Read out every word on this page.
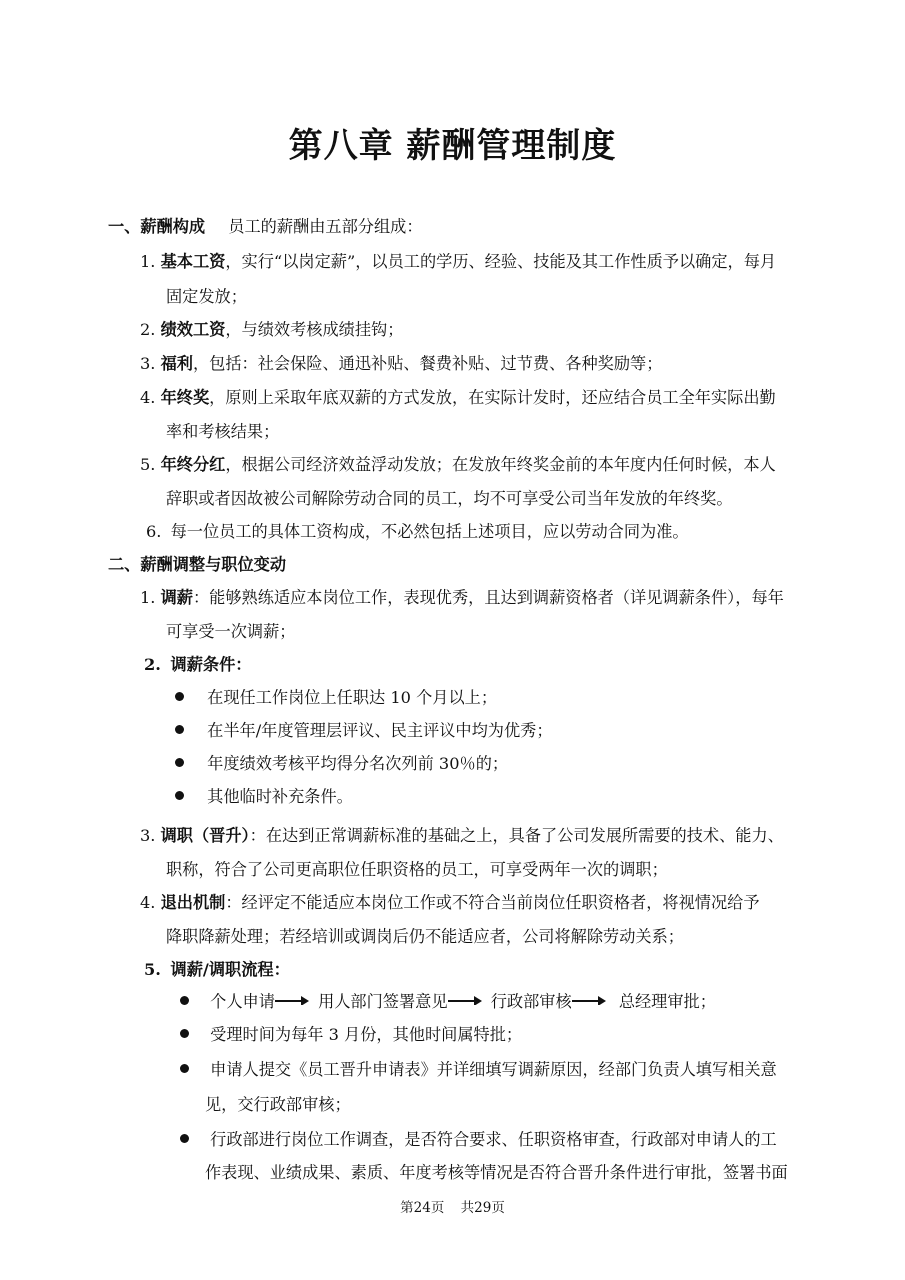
第八章 薪酬管理制度
一、薪酬构成 员工的薪酬由五部分组成：
1. 基本工资，实行“以岗定薪”，以员工的学历、经验、技能及其工作性质予以确定，每月
固定发放；
2. 绩效工资，与绩效考核成绩挂钩；
3. 福利，包括：社会保险、通迅补贴、餐费补贴、过节费、各种奖励等；
4. 年终奖，原则上采取年底双薪的方式发放，在实际计发时，还应结合员工全年实际出勤
率和考核结果；
5. 年终分红，根据公司经济效益浮动发放；在发放年终奖金前的本年度内任何时候，本人
辞职或者因故被公司解除劳动合同的员工，均不可享受公司当年发放的年终奖。
6. 每一位员工的具体工资构成，不必然包括上述项目，应以劳动合同为准。
二、薪酬调整与职位变动
1. 调薪：能够熟练适应本岗位工作，表现优秀，且达到调薪资格者（详见调薪条件），每年
可享受一次调薪；
2. 调薪条件：
在现任工作岗位上任职达 10 个月以上；
在半年/年度管理层评议、民主评议中均为优秀；
年度绩效考核平均得分名次列前 30％的；
其他临时补充条件。
3. 调职（晋升）：在达到正常调薪标准的基础之上，具备了公司发展所需要的技术、能力、
职称，符合了公司更高职位任职资格的员工，可享受两年一次的调职；
4. 退出机制：经评定不能适应本岗位工作或不符合当前岗位任职资格者，将视情况给予
降职降薪处理；若经培训或调岗后仍不能适应者，公司将解除劳动关系；
5. 调薪/调职流程：
个人申请	用人部门签署意见	行政部审核	总经理审批；
受理时间为每年 3 月份，其他时间属特批；
申请人提交《员工晋升申请表》并详细填写调薪原因，经部门负责人填写相关意
见，交行政部审核；
行政部进行岗位工作调查，是否符合要求、任职资格审查，行政部对申请人的工
作表现、业绩成果、素质、年度考核等情况是否符合晋升条件进行审批，签署书面
第24页 共29页
